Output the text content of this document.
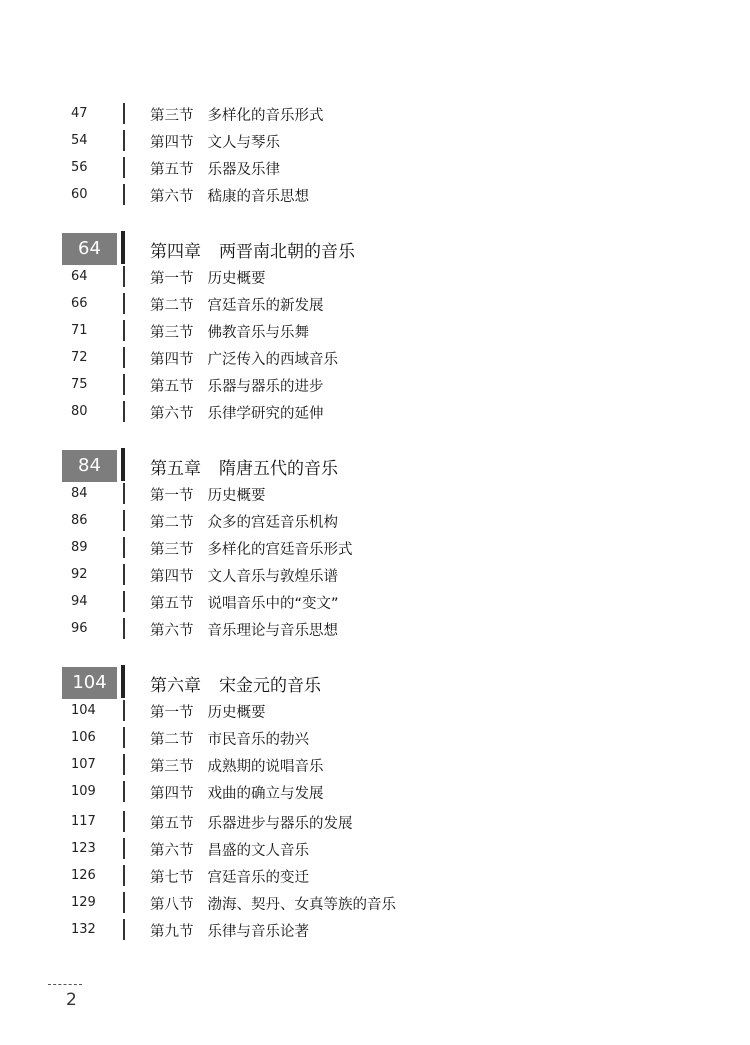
47	第三节 多样化的音乐形式
54	第四节 文人与琴乐
56	第五节 乐器及乐律
60	第六节 嵇康的音乐思想
64	第四章 两晋南北朝的音乐
64	第一节 历史概要
66	第二节 宫廷音乐的新发展
71	第三节 佛教音乐与乐舞
72	第四节 广泛传入的西域音乐
75	第五节 乐器与器乐的进步
80	第六节 乐律学研究的延伸
84	第五章 隋唐五代的音乐
84	第一节 历史概要
86	第二节 众多的宫廷音乐机构
89	第三节 多样化的宫廷音乐形式
92	第四节 文人音乐与敦煌乐谱
94	第五节 说唱音乐中的“变文”
96	第六节 音乐理论与音乐思想
104	第六章 宋金元的音乐
104	第一节 历史概要
106	第二节 市民音乐的勃兴
107	第三节 成熟期的说唱音乐
109	第四节 戏曲的确立与发展
117	第五节 乐器进步与器乐的发展
123	第六节 昌盛的文人音乐
126	第七节 宫廷音乐的变迁
129	第八节 渤海、契丹、女真等族的音乐
132	第九节 乐律与音乐论著
2
